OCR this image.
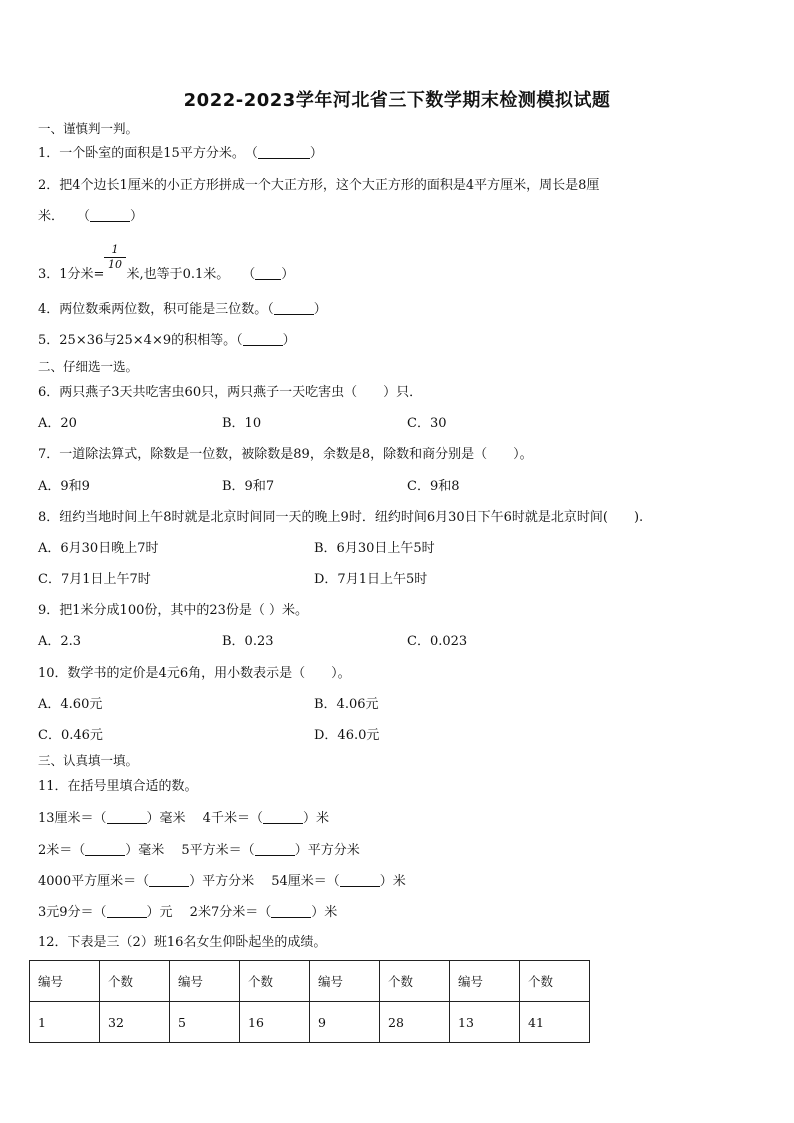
2022-2023学年河北省三下数学期末检测模拟试题
一、谨慎判一判。
1．一个卧室的面积是15平方分米。　（	）
2．把4个边长1厘米的小正方形拼成一个大正方形，这个大正方形的面积是4平方厘米，周长是8厘
米．　　（	）
1
10
3．1分米= 米,也等于0.1米。　　（ ）
4．两位数乘两位数，积可能是三位数。（	）
5．25×36与25×4×9的积相等。（	）
二、仔细选一选。
6．两只燕子3天共吃害虫60只，两只燕子一天吃害虫（　　）只．
A．20	B．10	C．30
7．一道除法算式，除数是一位数，被除数是89，余数是8，除数和商分别是（　　）。
A．9和9	B．9和7	C．9和8
8．纽约当地时间上午8时就是北京时间同一天的晚上9时．纽约时间6月30日下午6时就是北京时间(　　).
A．6月30日晚上7时	B．6月30日上午5时
C．7月1日上午7时	D．7月1日上午5时
9．把1米分成100份，其中的23份是（ ）米。
A．2.3	B．0.23	C．0.023
10．数学书的定价是4元6角，用小数表示是（　　）。
A．4.60元	B．4.06元
C．0.46元	D．46.0元
三、认真填一填。
11．在括号里填合适的数。
13厘米＝（	）毫米　 4千米＝（	）米
2米＝（	）毫米　 5平方米＝（	）平方分米
4000平方厘米＝（	）平方分米　 54厘米＝（	）米
3元9分＝（	）元　 2米7分米＝（	）米
12．下表是三（2）班16名女生仰卧起坐的成绩。
编号	个数	编号	个数	编号	个数	编号	个数
1	32	5	16	9	28	13	41
